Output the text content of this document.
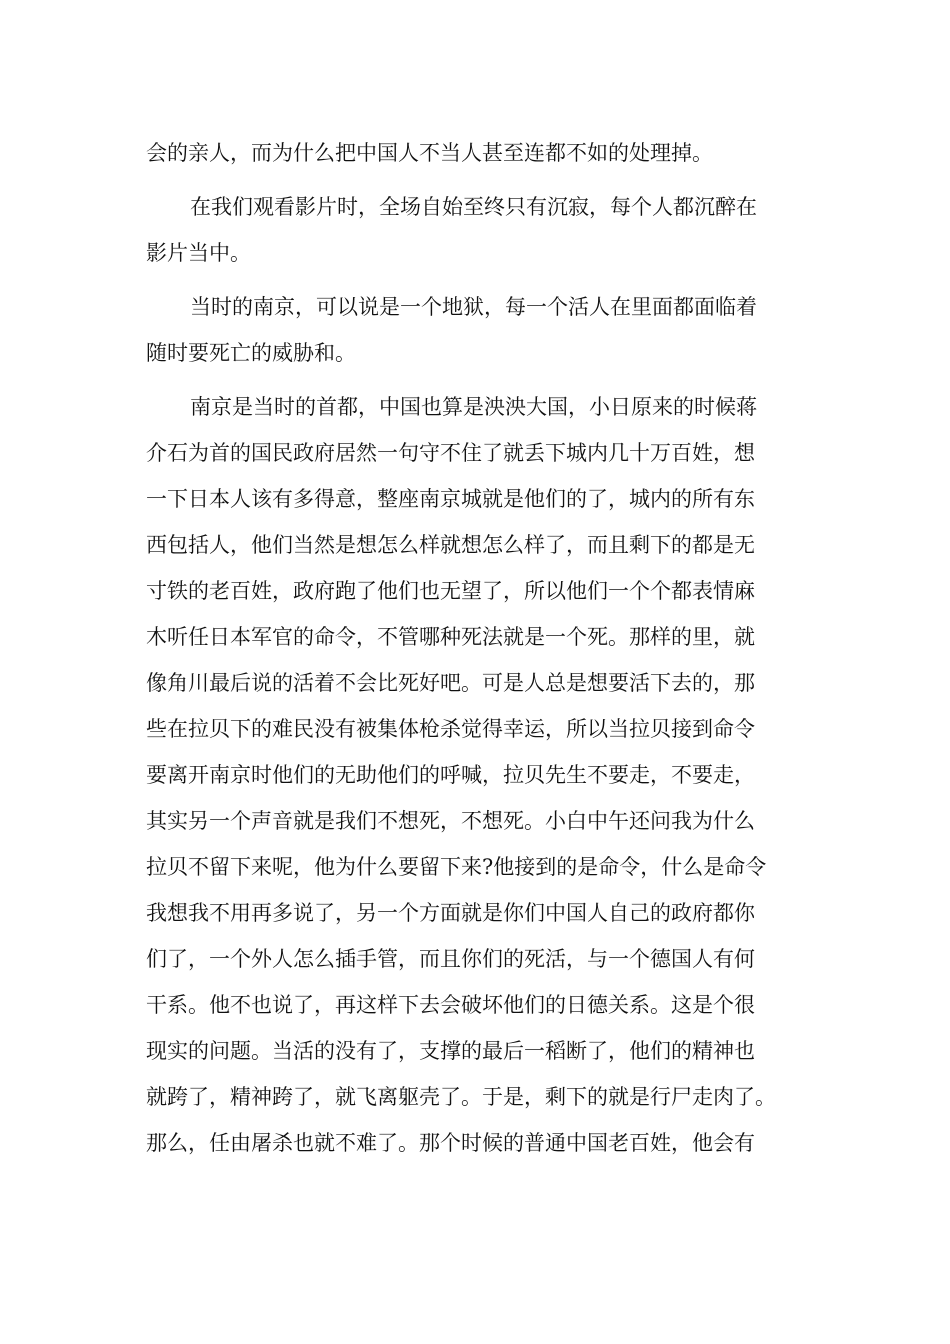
会的亲人，而为什么把中国人不当人甚至连都不如的处理掉。

在我们观看影片时，全场自始至终只有沉寂，每个人都沉醉在
影片当中。

当时的南京，可以说是一个地狱，每一个活人在里面都面临着
随时要死亡的威胁和。

南京是当时的首都，中国也算是泱泱大国，小日原来的时候蒋
介石为首的国民政府居然一句守不住了就丢下城内几十万百姓，想
一下日本人该有多得意，整座南京城就是他们的了，城内的所有东
西包括人，他们当然是想怎么样就想怎么样了，而且剩下的都是无
寸铁的老百姓，政府跑了他们也无望了，所以他们一个个都表情麻
木听任日本军官的命令，不管哪种死法就是一个死。那样的里，就
像角川最后说的活着不会比死好吧。可是人总是想要活下去的，那
些在拉贝下的难民没有被集体枪杀觉得幸运，所以当拉贝接到命令
要离开南京时他们的无助他们的呼喊，拉贝先生不要走，不要走，
其实另一个声音就是我们不想死，不想死。小白中午还问我为什么
拉贝不留下来呢，他为什么要留下来?他接到的是命令，什么是命令
我想我不用再多说了，另一个方面就是你们中国人自己的政府都你
们了，一个外人怎么插手管，而且你们的死活，与一个德国人有何
干系。他不也说了，再这样下去会破坏他们的日德关系。这是个很
现实的问题。当活的没有了，支撑的最后一稻断了，他们的精神也
就跨了，精神跨了，就飞离躯壳了。于是，剩下的就是行尸走肉了。
那么，任由屠杀也就不难了。那个时候的普通中国老百姓，他会有
